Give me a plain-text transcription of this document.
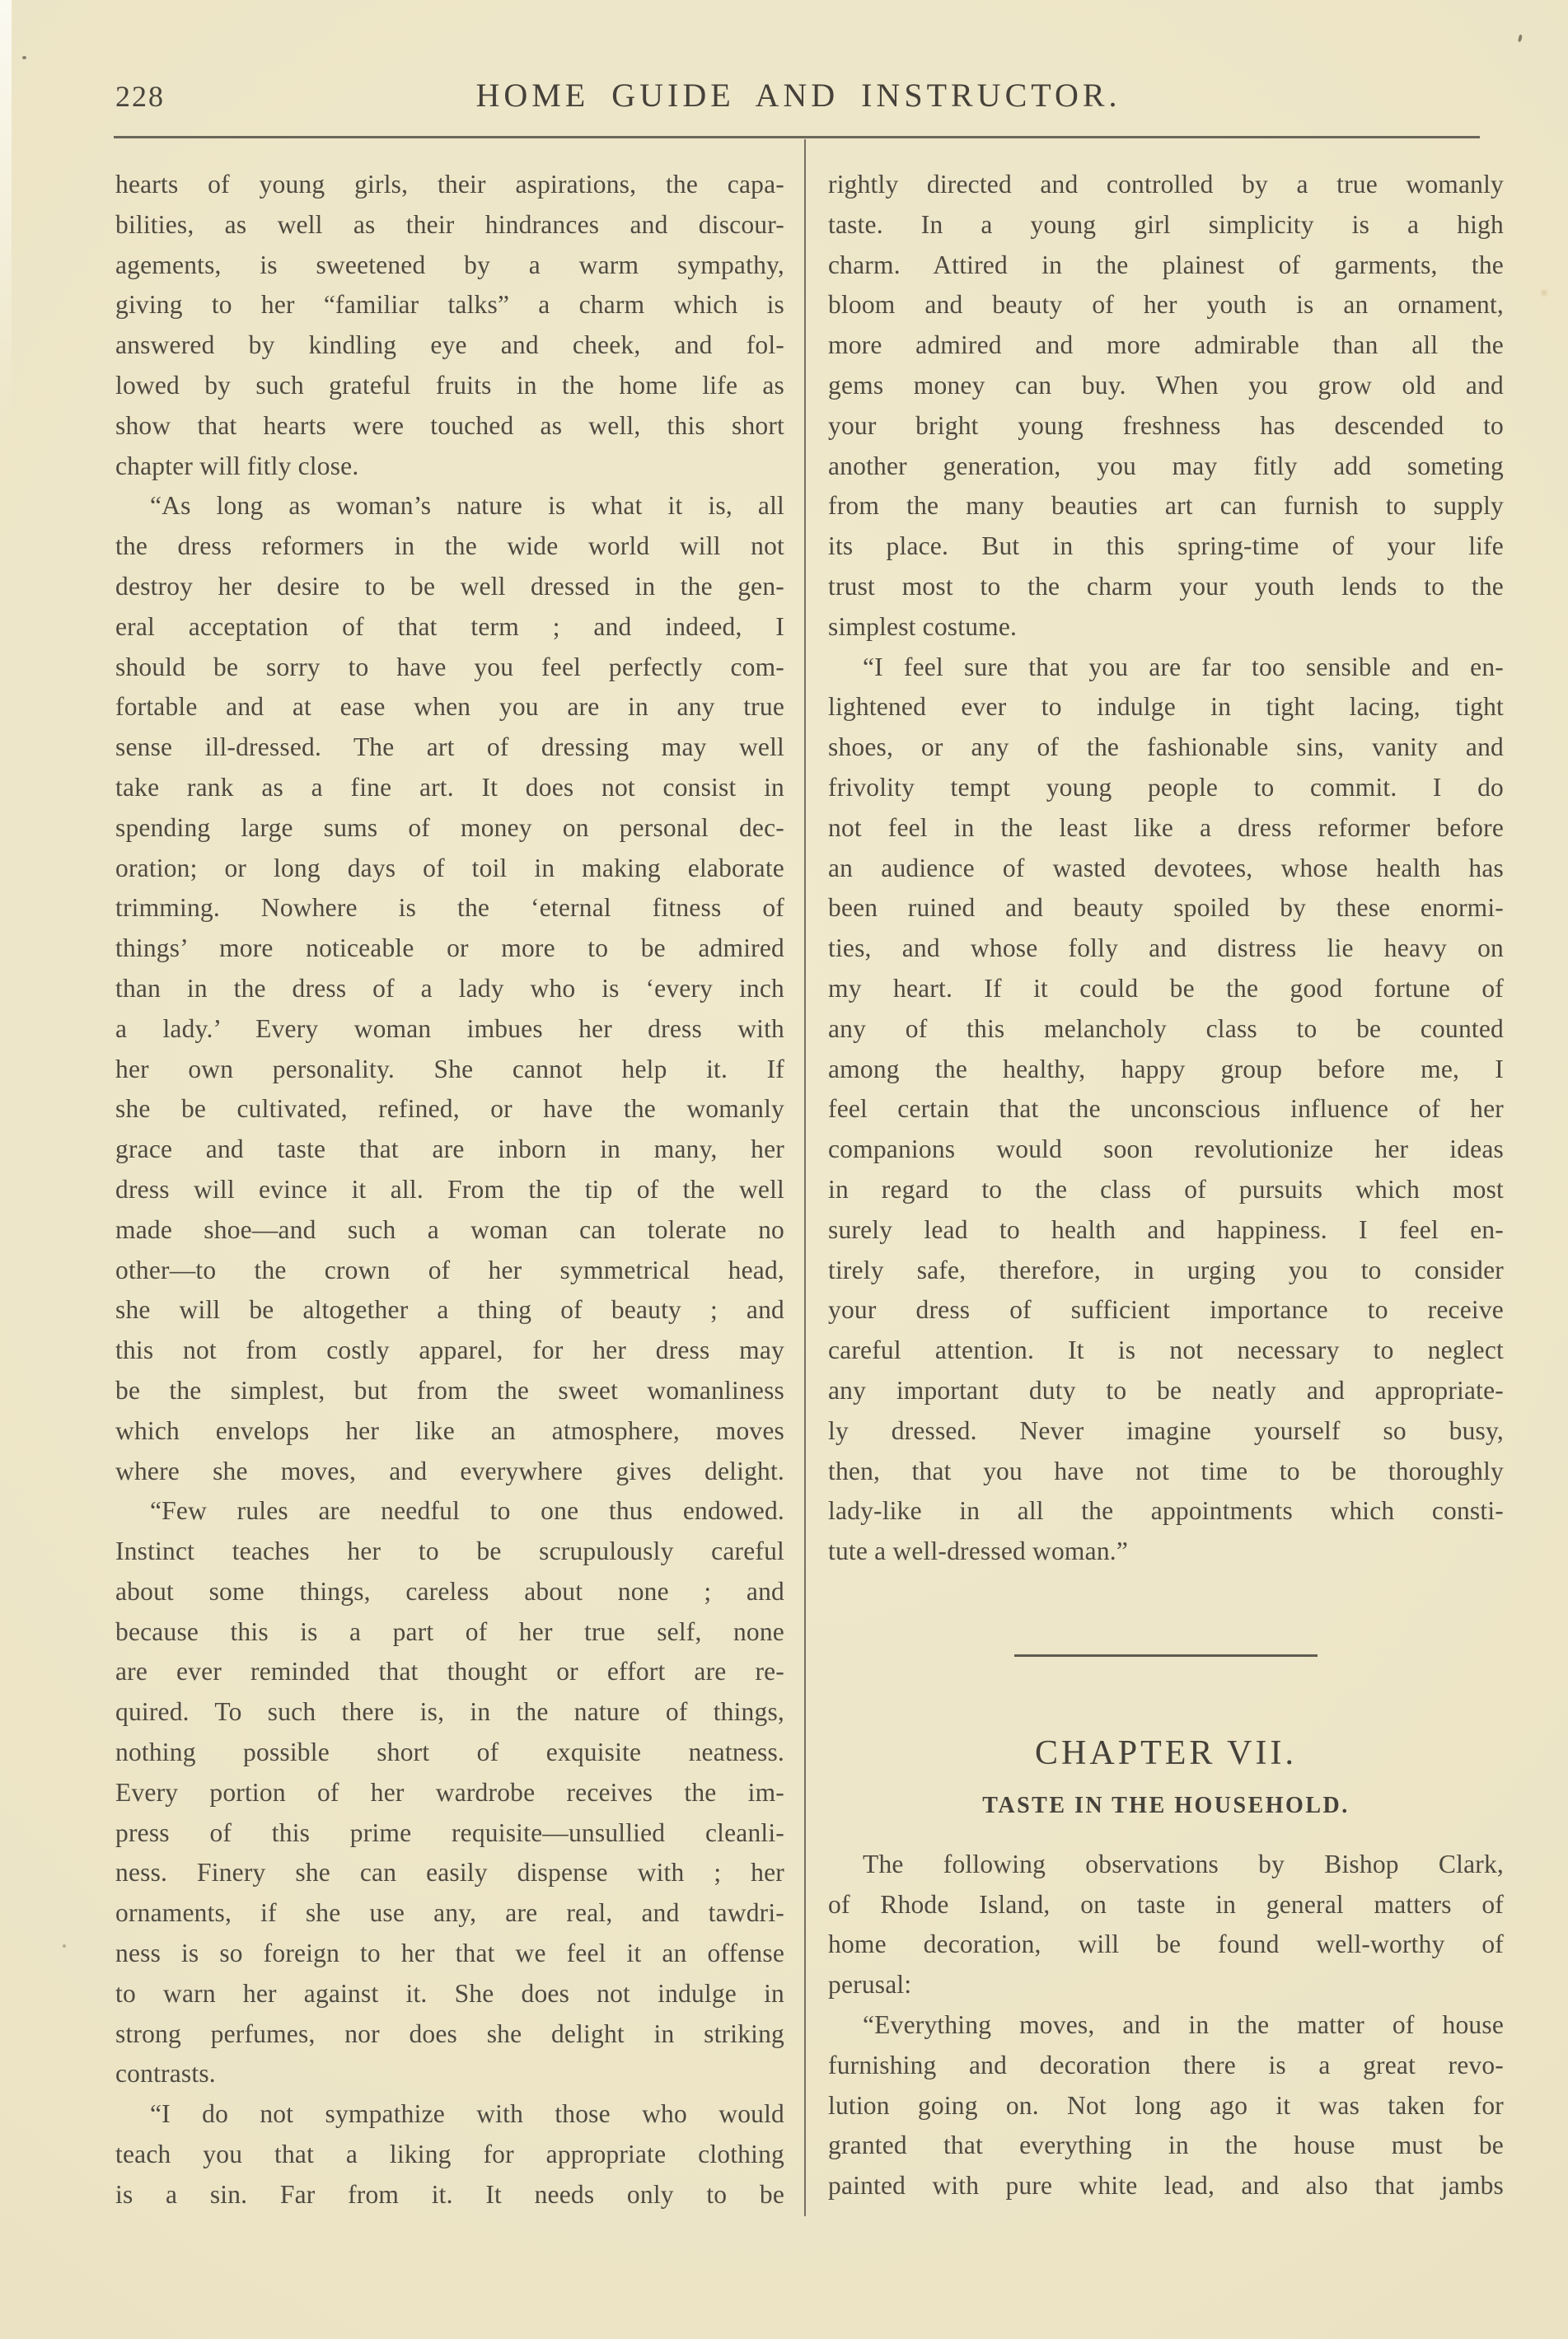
228	HOME GUIDE AND INSTRUCTOR.
hearts of young girls, their aspirations, the capa-
bilities, as well as their hindrances and discour-
agements, is sweetened by a warm sympathy,
giving to her “familiar talks” a charm which is
answered by kindling eye and cheek, and fol-
lowed by such grateful fruits in the home life as
show that hearts were touched as well, this short
chapter will fitly close.
“As long as woman’s nature is what it is, all
the dress reformers in the wide world will not
destroy her desire to be well dressed in the gen-
eral acceptation of that term ; and indeed, I
should be sorry to have you feel perfectly com-
fortable and at ease when you are in any true
sense ill-dressed. The art of dressing may well
take rank as a fine art. It does not consist in
spending large sums of money on personal dec-
oration; or long days of toil in making elaborate
trimming. Nowhere is the ‘eternal fitness of
things’ more noticeable or more to be admired
than in the dress of a lady who is ‘every inch
a lady.’ Every woman imbues her dress with
her own personality. She cannot help it. If
she be cultivated, refined, or have the womanly
grace and taste that are inborn in many, her
dress will evince it all. From the tip of the well
made shoe—and such a woman can tolerate no
other—to the crown of her symmetrical head,
she will be altogether a thing of beauty ; and
this not from costly apparel, for her dress may
be the simplest, but from the sweet womanliness
which envelops her like an atmosphere, moves
where she moves, and everywhere gives delight.
“Few rules are needful to one thus endowed.
Instinct teaches her to be scrupulously careful
about some things, careless about none ; and
because this is a part of her true self, none
are ever reminded that thought or effort are re-
quired. To such there is, in the nature of things,
nothing possible short of exquisite neatness.
Every portion of her wardrobe receives the im-
press of this prime requisite—unsullied cleanli-
ness. Finery she can easily dispense with ; her
ornaments, if she use any, are real, and tawdri-
ness is so foreign to her that we feel it an offense
to warn her against it. She does not indulge in
strong perfumes, nor does she delight in striking
contrasts.
“I do not sympathize with those who would
teach you that a liking for appropriate clothing
is a sin. Far from it. It needs only to be
rightly directed and controlled by a true womanly
taste. In a young girl simplicity is a high
charm. Attired in the plainest of garments, the
bloom and beauty of her youth is an ornament,
more admired and more admirable than all the
gems money can buy. When you grow old and
your bright young freshness has descended to
another generation, you may fitly add someting
from the many beauties art can furnish to supply
its place. But in this spring-time of your life
trust most to the charm your youth lends to the
simplest costume.
“I feel sure that you are far too sensible and en-
lightened ever to indulge in tight lacing, tight
shoes, or any of the fashionable sins, vanity and
frivolity tempt young people to commit. I do
not feel in the least like a dress reformer before
an audience of wasted devotees, whose health has
been ruined and beauty spoiled by these enormi-
ties, and whose folly and distress lie heavy on
my heart. If it could be the good fortune of
any of this melancholy class to be counted
among the healthy, happy group before me, I
feel certain that the unconscious influence of her
companions would soon revolutionize her ideas
in regard to the class of pursuits which most
surely lead to health and happiness. I feel en-
tirely safe, therefore, in urging you to consider
your dress of sufficient importance to receive
careful attention. It is not necessary to neglect
any important duty to be neatly and appropriate-
ly dressed. Never imagine yourself so busy,
then, that you have not time to be thoroughly
lady-like in all the appointments which consti-
tute a well-dressed woman.”
CHAPTER VII.
TASTE IN THE HOUSEHOLD.
The following observations by Bishop Clark,
of Rhode Island, on taste in general matters of
home decoration, will be found well-worthy of
perusal:
“Everything moves, and in the matter of house
furnishing and decoration there is a great revo-
lution going on. Not long ago it was taken for
granted that everything in the house must be
painted with pure white lead, and also that jambs
